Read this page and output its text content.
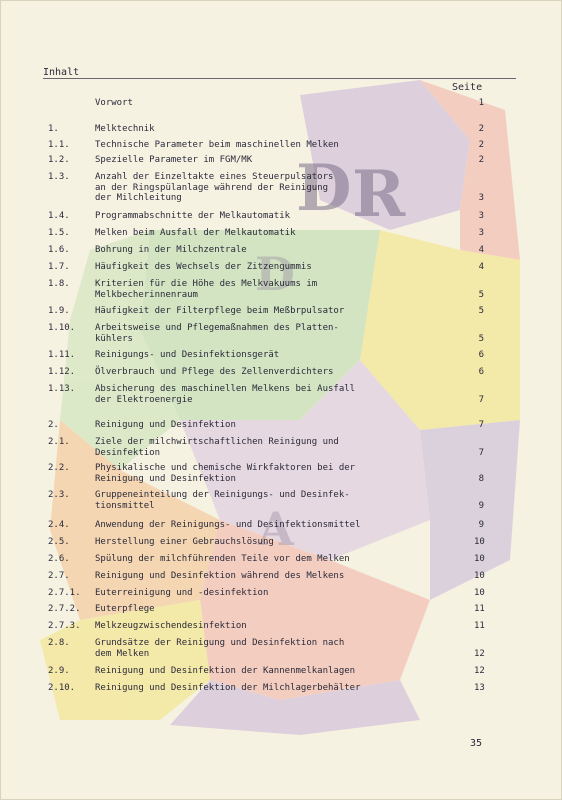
D R
D
A
Inhalt
Seite
Vorwort	1
1.	Melktechnik	2
1.1.	Technische Parameter beim maschinellen Melken	2
1.2.	Spezielle Parameter im FGM/MK	2
1.3.	Anzahl der Einzeltakte eines Steuerpulsators
an der Ringspülanlage während der Reinigung
der Milchleitung	3
1.4.	Programmabschnitte der Melkautomatik	3
1.5.	Melken beim Ausfall der Melkautomatik	3
1.6.	Bohrung in der Milchzentrale	4
1.7.	Häufigkeit des Wechsels der Zitzengummis	4
1.8.	Kriterien für die Höhe des Melkvakuums im
Melkbecherinnenraum	5
1.9.	Häufigkeit der Filterpflege beim Meßbrpulsator	5
1.10. Arbeitsweise und Pflegemaßnahmen des Platten-
kühlers	5
1.11. Reinigungs- und Desinfektionsgerät	6
1.12. Ölverbrauch und Pflege des Zellenverdichters	6
1.13. Absicherung des maschinellen Melkens bei Ausfall
der Elektroenergie	7
2.	Reinigung und Desinfektion	7
2.1.	Ziele der milchwirtschaftlichen Reinigung und
Desinfektion	7
2.2.	Physikalische und chemische Wirkfaktoren bei der
Reinigung und Desinfektion	8
2.3.	Gruppeneinteilung der Reinigungs- und Desinfek-
tionsmittel	9
2.4.	Anwendung der Reinigungs- und Desinfektionsmittel	9
2.5.	Herstellung einer Gebrauchslösung	10
2.6.	Spülung der milchführenden Teile vor dem Melken	10
2.7.	Reinigung und Desinfektion während des Melkens	10
2.7.1. Euterreinigung und -desinfektion	10
2.7.2. Euterpflege	11
2.7.3. Melkzeugzwischendesinfektion	11
2.8.	Grundsätze der Reinigung und Desinfektion nach
dem Melken	12
2.9.	Reinigung und Desinfektion der Kannenmelkanlagen	12
2.10. Reinigung und Desinfektion der Milchlagerbehälter	13
35
